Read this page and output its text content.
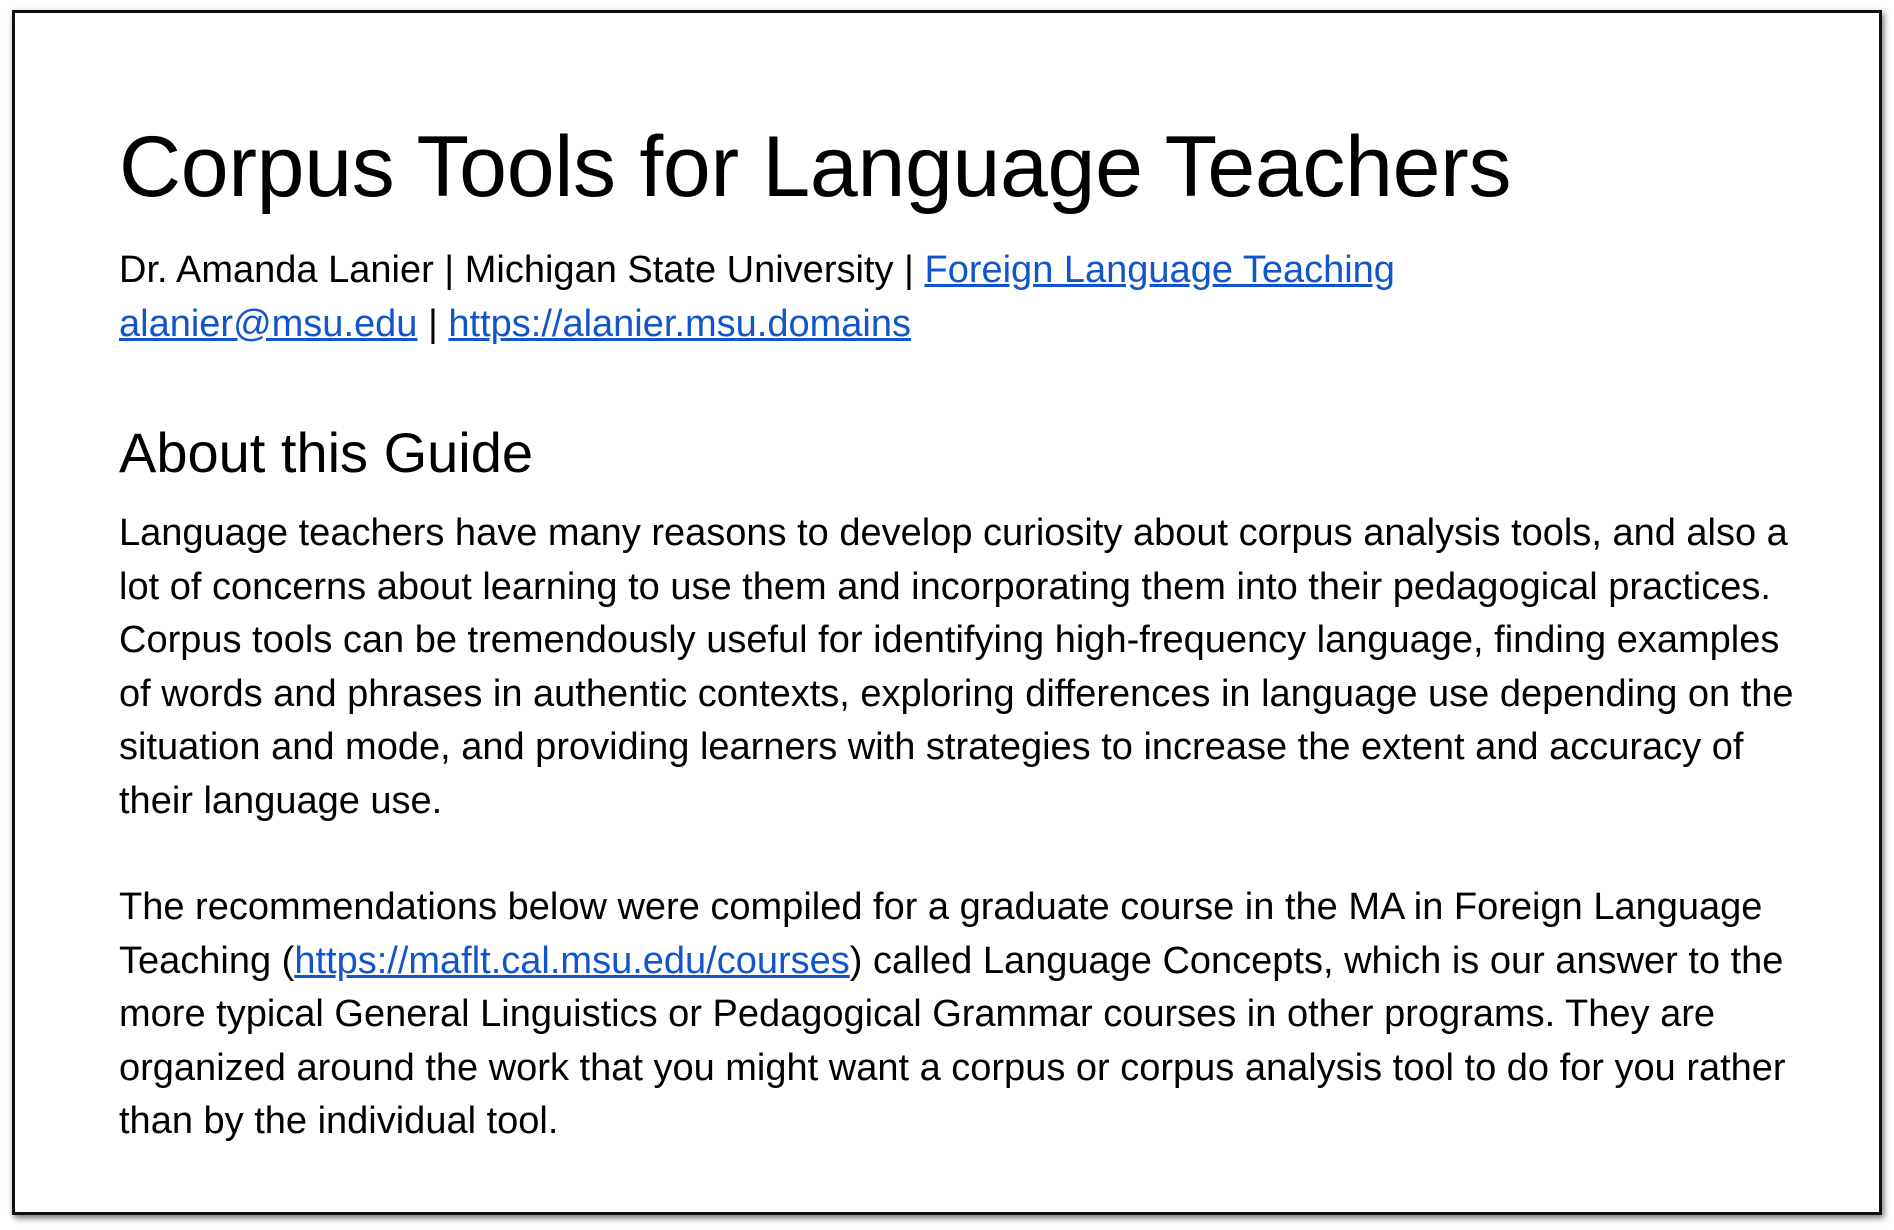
Corpus Tools for Language Teachers
Dr. Amanda Lanier | Michigan State University | Foreign Language Teaching
alanier@msu.edu | https://alanier.msu.domains
About this Guide

Language teachers have many reasons to develop curiosity about corpus analysis tools, and also a lot of concerns about learning to use them and incorporating them into their pedagogical practices. Corpus tools can be tremendously useful for identifying high-frequency language, finding examples of words and phrases in authentic contexts, exploring differences in language use depending on the situation and mode, and providing learners with strategies to increase the extent and accuracy of their language use.

The recommendations below were compiled for a graduate course in the MA in Foreign Language Teaching (https://maflt.cal.msu.edu/courses) called Language Concepts, which is our answer to the more typical General Linguistics or Pedagogical Grammar courses in other programs. They are organized around the work that you might want a corpus or corpus analysis tool to do for you rather than by the individual tool.
